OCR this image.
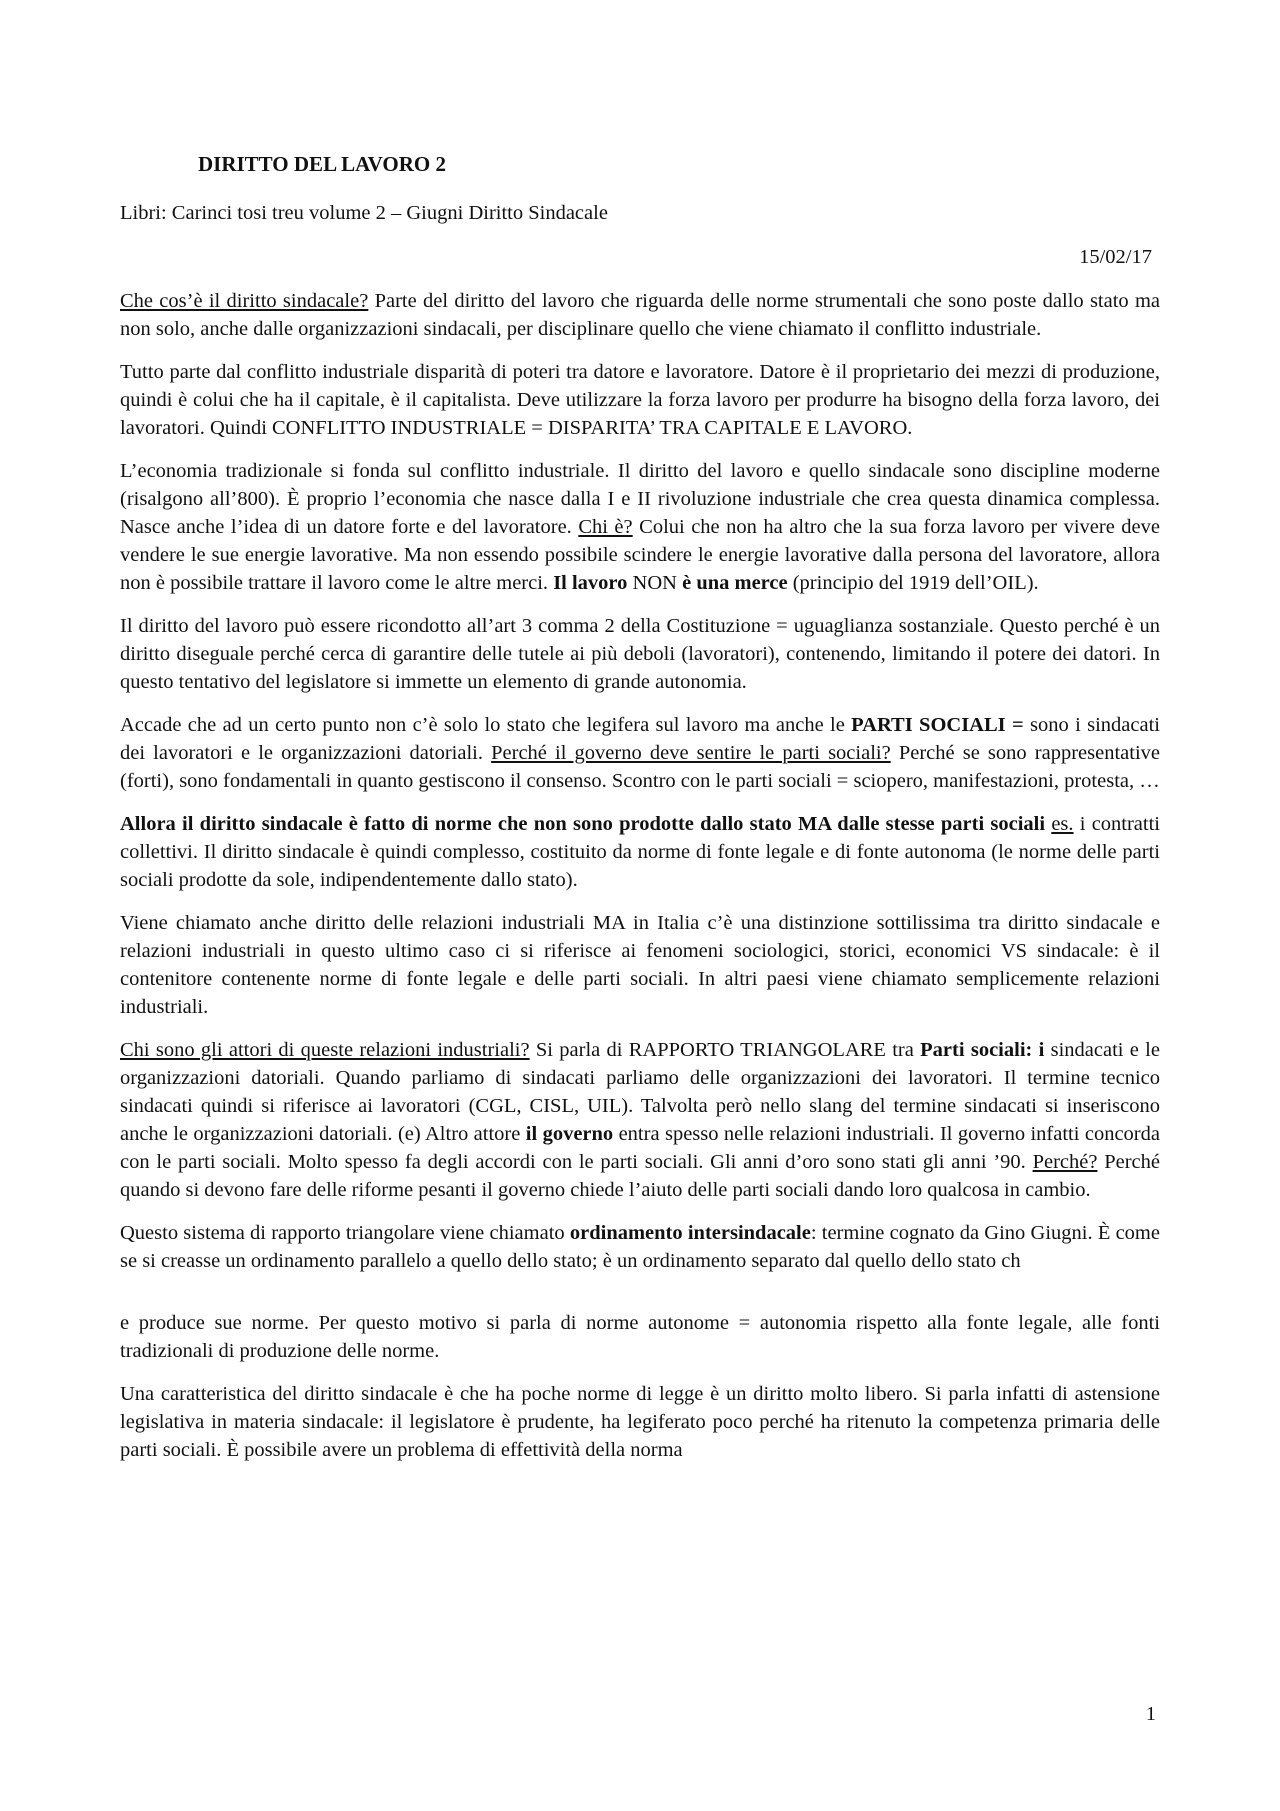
DIRITTO DEL LAVORO 2
Libri: Carinci tosi treu volume 2 – Giugni Diritto Sindacale
15/02/17

Che cos’è il diritto sindacale? Parte del diritto del lavoro che riguarda delle norme strumentali che sono poste dallo stato ma non solo, anche dalle organizzazioni sindacali, per disciplinare quello che viene chiamato il conflitto industriale.

Tutto parte dal conflitto industriale disparità di poteri tra datore e lavoratore. Datore è il proprietario dei mezzi di produzione, quindi è colui che ha il capitale, è il capitalista. Deve utilizzare la forza lavoro per produrre ha bisogno della forza lavoro, dei lavoratori. Quindi CONFLITTO INDUSTRIALE = DISPARITA’ TRA CAPITALE E LAVORO.

L’economia tradizionale si fonda sul conflitto industriale. Il diritto del lavoro e quello sindacale sono discipline moderne (risalgono all’800). È proprio l’economia che nasce dalla I e II rivoluzione industriale che crea questa dinamica complessa. Nasce anche l’idea di un datore forte e del lavoratore. Chi è? Colui che non ha altro che la sua forza lavoro per vivere deve vendere le sue energie lavorative. Ma non essendo possibile scindere le energie lavorative dalla persona del lavoratore, allora non è possibile trattare il lavoro come le altre merci. Il lavoro NON è una merce (principio del 1919 dell’OIL).

Il diritto del lavoro può essere ricondotto all’art 3 comma 2 della Costituzione = uguaglianza sostanziale. Questo perché è un diritto diseguale perché cerca di garantire delle tutele ai più deboli (lavoratori), contenendo, limitando il potere dei datori. In questo tentativo del legislatore si immette un elemento di grande autonomia.

Accade che ad un certo punto non c’è solo lo stato che legifera sul lavoro ma anche le PARTI SOCIALI = sono i sindacati dei lavoratori e le organizzazioni datoriali. Perché il governo deve sentire le parti sociali? Perché se sono rappresentative (forti), sono fondamentali in quanto gestiscono il consenso. Scontro con le parti sociali = sciopero, manifestazioni, protesta, …

Allora il diritto sindacale è fatto di norme che non sono prodotte dallo stato MA dalle stesse parti sociali es. i contratti collettivi. Il diritto sindacale è quindi complesso, costituito da norme di fonte legale e di fonte autonoma (le norme delle parti sociali prodotte da sole, indipendentemente dallo stato).

Viene chiamato anche diritto delle relazioni industriali MA in Italia c’è una distinzione sottilissima tra diritto sindacale e relazioni industriali in questo ultimo caso ci si riferisce ai fenomeni sociologici, storici, economici VS sindacale: è il contenitore contenente norme di fonte legale e delle parti sociali. In altri paesi viene chiamato semplicemente relazioni industriali.

Chi sono gli attori di queste relazioni industriali? Si parla di RAPPORTO TRIANGOLARE tra Parti sociali: i sindacati e le organizzazioni datoriali. Quando parliamo di sindacati parliamo delle organizzazioni dei lavoratori. Il termine tecnico sindacati quindi si riferisce ai lavoratori (CGL, CISL, UIL). Talvolta però nello slang del termine sindacati si inseriscono anche le organizzazioni datoriali. (e) Altro attore il governo entra spesso nelle relazioni industriali. Il governo infatti concorda con le parti sociali. Molto spesso fa degli accordi con le parti sociali. Gli anni d’oro sono stati gli anni ’90. Perché? Perché quando si devono fare delle riforme pesanti il governo chiede l’aiuto delle parti sociali dando loro qualcosa in cambio.

Questo sistema di rapporto triangolare viene chiamato ordinamento intersindacale: termine cognato da Gino Giugni. È come se si creasse un ordinamento parallelo a quello dello stato; è un ordinamento separato dal quello dello stato ch

e produce sue norme. Per questo motivo si parla di norme autonome = autonomia rispetto alla fonte legale, alle fonti tradizionali di produzione delle norme.

Una caratteristica del diritto sindacale è che ha poche norme di legge è un diritto molto libero. Si parla infatti di astensione legislativa in materia sindacale: il legislatore è prudente, ha legiferato poco perché ha ritenuto la competenza primaria delle parti sociali. È possibile avere un problema di effettività della norma

1
